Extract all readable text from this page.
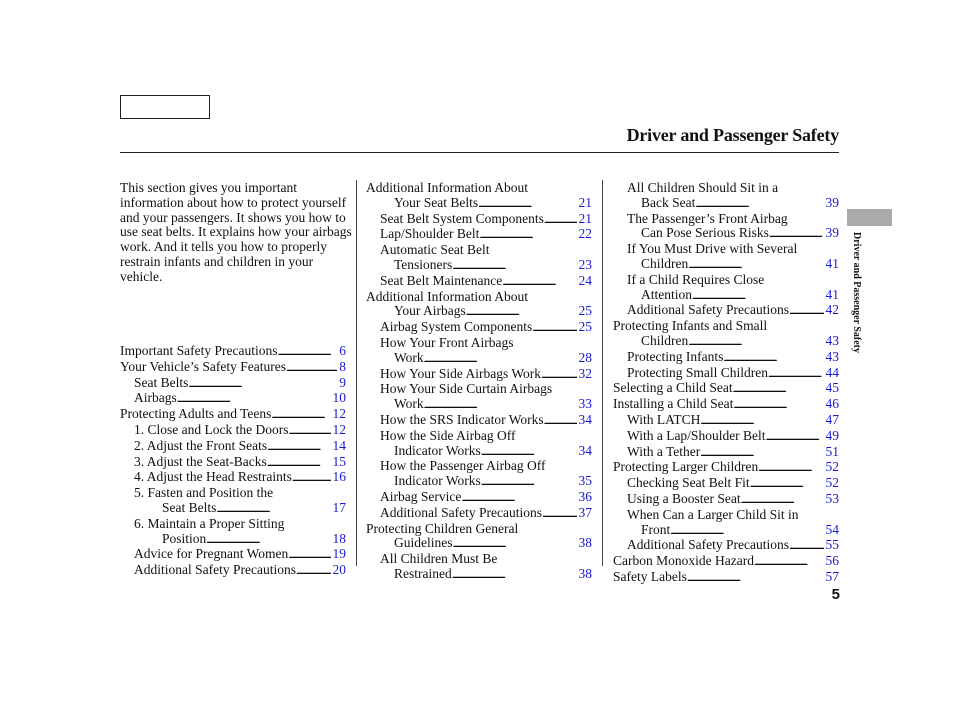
Driver and Passenger Safety
This section gives you important information about how to protect yourself and your passengers. It shows you how to use seat belts. It explains how your airbags work. And it tells you how to properly restrain infants and children in your vehicle.
Important Safety Precautions . . .	6
Your Vehicle’s Safety Features . . .	8
Seat Belts . . .	9
Airbags . . .	10
Protecting Adults and Teens . . .	12
1. Close and Lock the Doors . . .	12
2. Adjust the Front Seats . . .	14
3. Adjust the Seat-Backs . . .	15
4. Adjust the Head Restraints . . .	16
5. Fasten and Position the
Seat Belts . . .	17
6. Maintain a Proper Sitting
Position . . .	18
Advice for Pregnant Women . . .	19
Additional Safety Precautions . . .	20
Additional Information About
Your Seat Belts . . .	21
Seat Belt System Components . . .	21
Lap/Shoulder Belt . . .	22
Automatic Seat Belt
Tensioners . . .	23
Seat Belt Maintenance . . .	24
Additional Information About
Your Airbags . . .	25
Airbag System Components . . .	25
How Your Front Airbags
Work . . .	28
How Your Side Airbags Work . . .	32
How Your Side Curtain Airbags
Work . . .	33
How the SRS Indicator Works . . .	34
How the Side Airbag Off
Indicator Works . . .	34
How the Passenger Airbag Off
Indicator Works . . .	35
Airbag Service . . .	36
Additional Safety Precautions . . .	37
Protecting Children General
Guidelines . . .	38
All Children Must Be
Restrained . . .	38
All Children Should Sit in a
Back Seat . . .	39
The Passenger’s Front Airbag
Can Pose Serious Risks . . .	39
If You Must Drive with Several
Children . . .	41
If a Child Requires Close
Attention . . .	41
Additional Safety Precautions . . .	42
Protecting Infants and Small
Children . . .	43
Protecting Infants . . .	43
Protecting Small Children . . .	44
Selecting a Child Seat . . .	45
Installing a Child Seat . . .	46
With LATCH . . .	47
With a Lap/Shoulder Belt . . .	49
With a Tether . . .	51
Protecting Larger Children . . .	52
Checking Seat Belt Fit . . .	52
Using a Booster Seat . . .	53
When Can a Larger Child Sit in
Front . . .	54
Additional Safety Precautions . . .	55
Carbon Monoxide Hazard . . .	56
Safety Labels . . .	57
Driver and Passenger Safety
5
